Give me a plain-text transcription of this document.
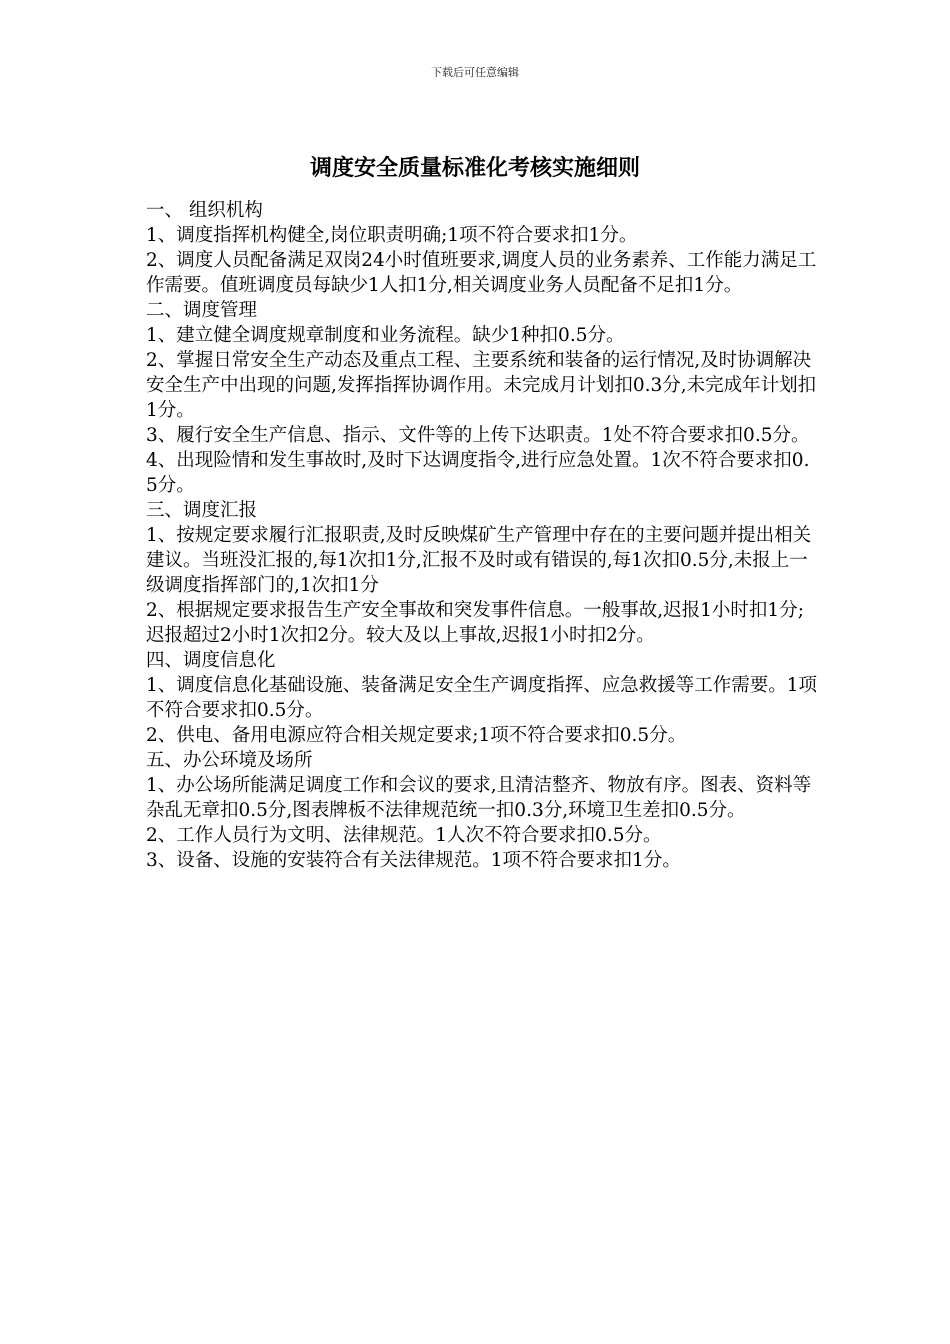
下载后可任意编辑
调度安全质量标准化考核实施细则

一、 组织机构

1、调度指挥机构健全,岗位职责明确;1项不符合要求扣1分。

2、调度人员配备满足双岗24小时值班要求,调度人员的业务素养、工作能力满足工作需要。值班调度员每缺少1人扣1分,相关调度业务人员配备不足扣1分。

二、调度管理

1、建立健全调度规章制度和业务流程。缺少1种扣0.5分。

2、掌握日常安全生产动态及重点工程、主要系统和装备的运行情况,及时协调解决安全生产中出现的问题,发挥指挥协调作用。未完成月计划扣0.3分,未完成年计划扣1分。

3、履行安全生产信息、指示、文件等的上传下达职责。1处不符合要求扣0.5分。

4、出现险情和发生事故时,及时下达调度指令,进行应急处置。1次不符合要求扣0.5分。

三、调度汇报

1、按规定要求履行汇报职责,及时反映煤矿生产管理中存在的主要问题并提出相关建议。当班没汇报的,每1次扣1分,汇报不及时或有错误的,每1次扣0.5分,未报上一级调度指挥部门的,1次扣1分

2、根据规定要求报告生产安全事故和突发事件信息。一般事故,迟报1小时扣1分;迟报超过2小时1次扣2分。较大及以上事故,迟报1小时扣2分。

四、调度信息化

1、调度信息化基础设施、装备满足安全生产调度指挥、应急救援等工作需要。1项不符合要求扣0.5分。

2、供电、备用电源应符合相关规定要求;1项不符合要求扣0.5分。

五、办公环境及场所

1、办公场所能满足调度工作和会议的要求,且清洁整齐、物放有序。图表、资料等杂乱无章扣0.5分,图表牌板不法律规范统一扣0.3分,环境卫生差扣0.5分。

2、工作人员行为文明、法律规范。1人次不符合要求扣0.5分。

3、设备、设施的安装符合有关法律规范。1项不符合要求扣1分。
